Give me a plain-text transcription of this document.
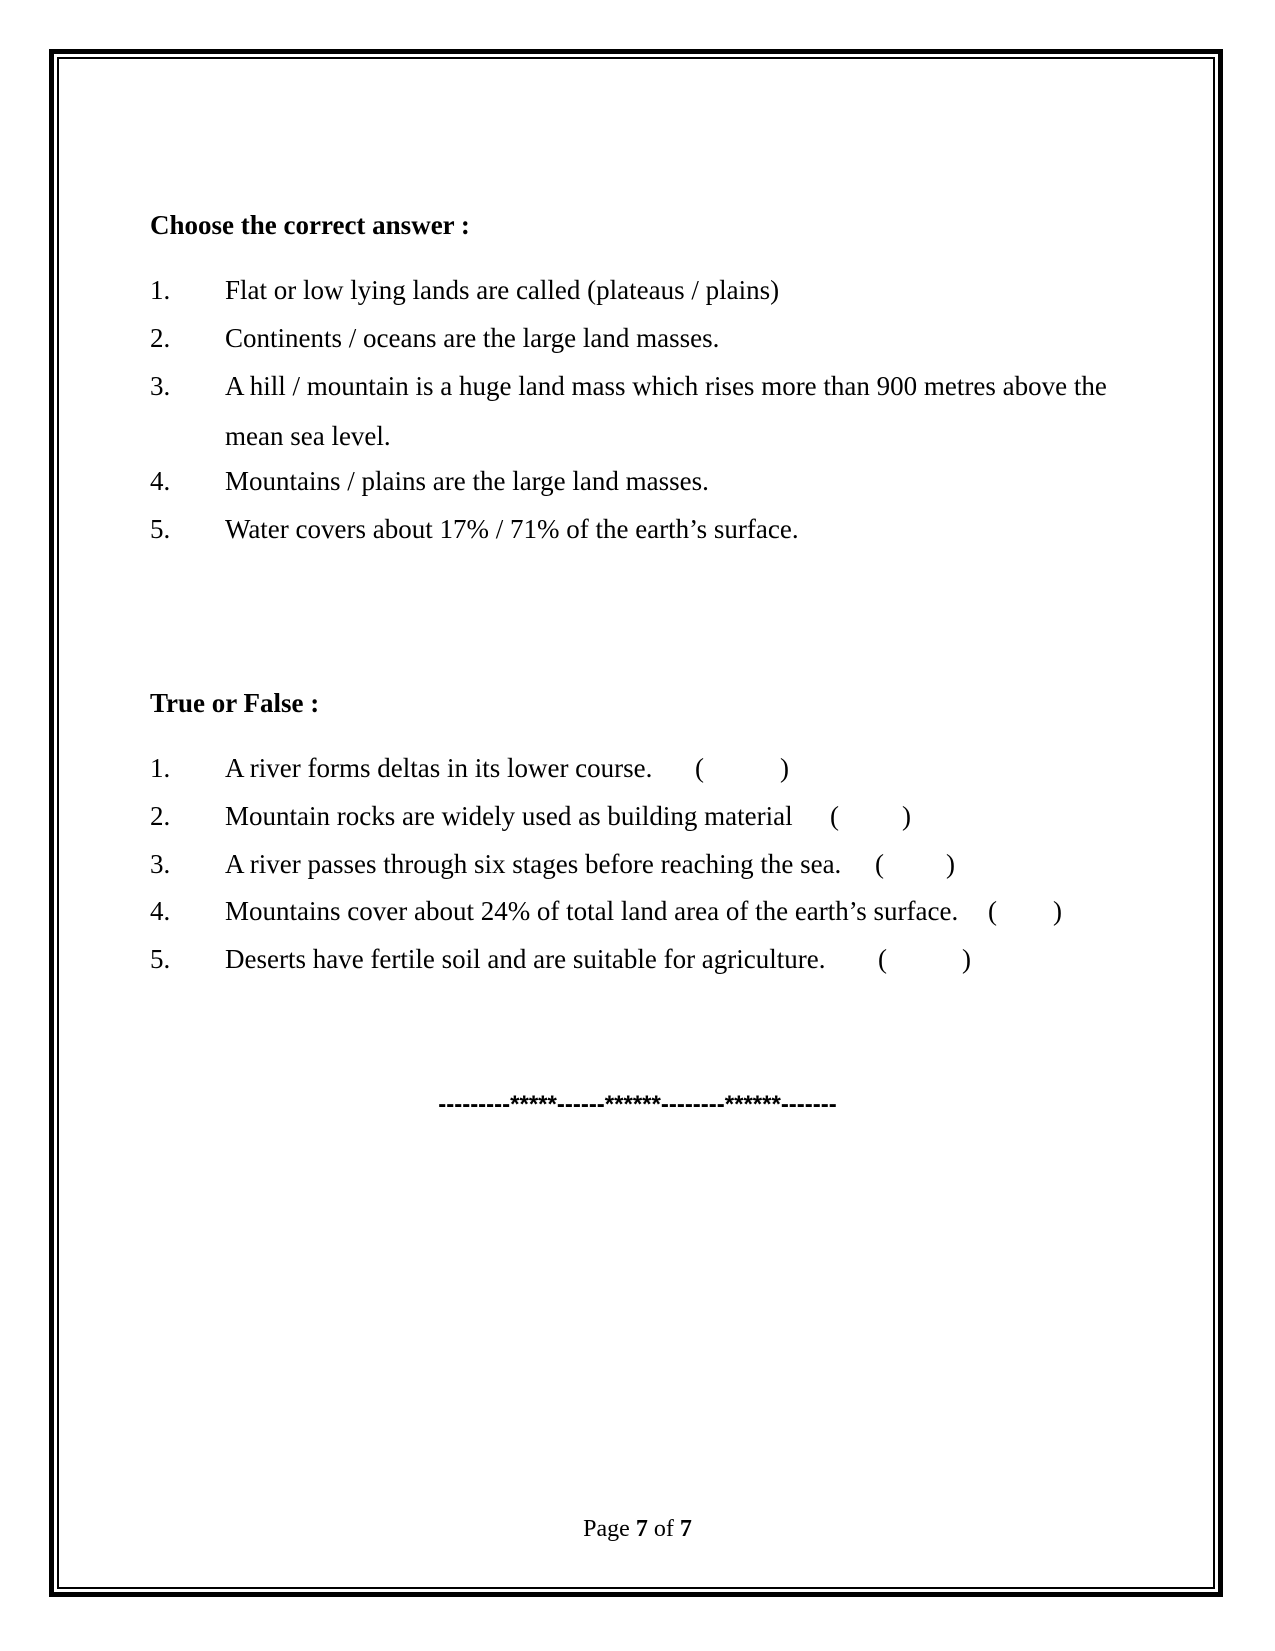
Choose the correct answer :
1. Flat or low lying lands are called (plateaus / plains)
2. Continents / oceans are the large land masses.
3. A hill / mountain is a huge land mass which rises more than 900 metres above the mean sea level.
4. Mountains / plains are the large land masses.
5. Water covers about 17% / 71% of the earth’s surface.
True or False :
1. A river forms deltas in its lower course. (	)
2. Mountain rocks are widely used as building material ( )
3. A river passes through six stages before reaching the sea. ( )
4. Mountains cover about 24% of total land area of the earth’s surface. ( )
5. Deserts have fertile soil and are suitable for agriculture. (	)
---------*****------******--------******-------
Page 7 of 7
